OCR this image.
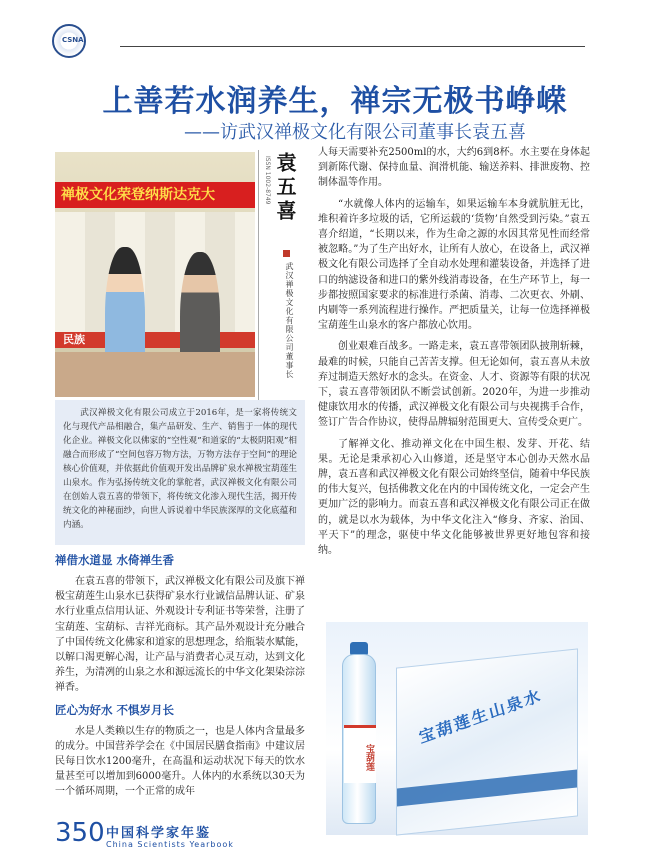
CSNA
上善若水润养生，禅宗无极书峥嵘
——访武汉禅极文化有限公司董事长袁五喜
禅极文化荣登纳斯达克大
民族
ISSN 1002-8749 袁五喜
武汉禅极文化有限公司董事长
武汉禅极文化有限公司成立于2016年，是一家将传统文化与现代产品相融合，集产品研发、生产、销售于一体的现代化企业。禅极文化以佛家的“空性观”和道家的“太极阴阳观”相融合而形成了“空间包容万物方法，万物方法存于空间”的理论核心价值观，并依据此价值观开发出品牌矿泉水禅极宝葫莲生山泉水。作为弘扬传统文化的掌舵者，武汉禅极文化有限公司在创始人袁五喜的带领下，将传统文化渗入现代生活，揭开传统文化的神秘面纱，向世人诉说着中华民族深厚的文化底蕴和内涵。
禅借水道显 水倚禅生香

在袁五喜的带领下，武汉禅极文化有限公司及旗下禅极宝葫莲生山泉水已获得矿泉水行业诚信品牌认证、矿泉水行业重点信用认证、外观设计专利证书等荣誉，注册了宝葫莲、宝葫标、吉祥光商标。其产品外观设计充分融合了中国传统文化佛家和道家的思想理念，给瓶装水赋能，以解口渴更解心渴，让产品与消费者心灵互动，达到文化养生，为清冽的山泉之水和源远流长的中华文化架染淙淙禅香。

匠心为好水 不惧岁月长

水是人类赖以生存的物质之一，也是人体内含量最多的成分。中国营养学会在《中国居民膳食指南》中建议居民每日饮水1200毫升，在高温和运动状况下每天的饮水量甚至可以增加到6000毫升。人体内的水系统以30天为一个循环周期，一个正常的成年

人每天需要补充2500ml的水，大约6到8杯。水主要在身体起到新陈代谢、保持血量、润滑机能、输送养料、排泄废物、控制体温等作用。

“水就像人体内的运输车，如果运输车本身就肮脏无比，堆积着许多垃圾的话，它所运载的‘货物’自然受到污染。”袁五喜介绍道，“长期以来，作为生命之源的水因其常见性而经常被忽略。”为了生产出好水，让所有人放心，在设备上，武汉禅极文化有限公司选择了全自动水处理和灌装设备，并选择了进口的纳滤设备和进口的紫外线消毒设备，在生产环节上，每一步都按照国家要求的标准进行杀菌、消毒、二次更衣、外刷、内刷等一系列流程进行操作。严把质量关，让每一位选择禅极宝葫莲生山泉水的客户都放心饮用。

创业艰难百战多。一路走来，袁五喜带领团队披荆斩棘，最难的时候，只能自己苦苦支撑。但无论如何，袁五喜从未放弃过制造天然好水的念头。在资金、人才、资源等有限的状况下，袁五喜带领团队不断尝试创新。2020年，为进一步推动健康饮用水的传播，武汉禅极文化有限公司与央视携手合作，签订广告合作协议，使得品牌辐射范围更大、宣传受众更广。

了解禅文化、推动禅文化在中国生根、发芽、开花、结果。无论是秉承初心入山修道，还是坚守本心创办天然水品牌，袁五喜和武汉禅极文化有限公司始终坚信，随着中华民族的伟大复兴，包括佛教文化在内的中国传统文化，一定会产生更加广泛的影响力。而袁五喜和武汉禅极文化有限公司正在做的，就是以水为载体，为中华文化注入“修身、齐家、治国、平天下”的理念，驱使中华文化能够被世界更好地包容和接纳。

宝葫莲
宝葫莲生山泉水
350 中国科学家年鉴
China Scientists Yearbook
